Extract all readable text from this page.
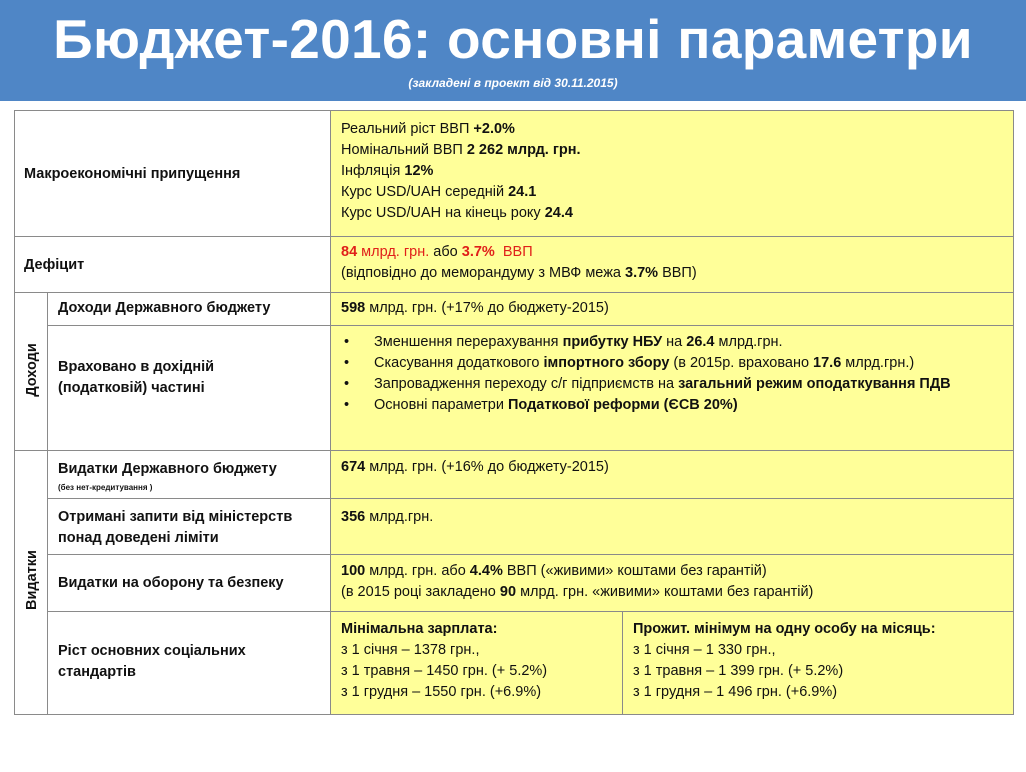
Бюджет-2016: основні параметри
(закладені в проект від 30.11.2015)
Реальний ріст ВВП +2.0%
Номінальний ВВП 2 262 млрд. грн.
Інфляція 12%
Курс USD/UAH середній 24.1
Курс USD/UAH на кінець року 24.4
84 млрд. грн. або 3.7%  ВВП
(відповідно до меморандуму з МВФ межа 3.7% ВВП)
598 млрд. грн. (+17% до бюджету-2015)
• Зменшення перерахування прибутку НБУ на 26.4 млрд.грн.
• Скасування додаткового імпортного збору (в 2015р. враховано 17.6 млрд.грн.)
• Запровадження переходу с/г підприємств на загальний режим оподаткування ПДВ
• Основні параметри Податкової реформи (ЄСВ 20%)
674 млрд. грн. (+16% до бюджету-2015)
356 млрд.грн.
100 млрд. грн. або 4.4% ВВП («живими» коштами без гарантій)
(в 2015 році закладено 90 млрд. грн. «живими» коштами без гарантій)
Мінімальна зарплата:
з 1 січня – 1378 грн.,
з 1 травня – 1450 грн. (+ 5.2%)
з 1 грудня – 1550 грн. (+6.9%)
Прожит. мінімум на одну особу на місяць:
з 1 січня – 1 330 грн.,
з 1 травня – 1 399 грн. (+ 5.2%)
з 1 грудня – 1 496 грн. (+6.9%)
Макроекономічні припущення
Дефіцит
Доходи Державного бюджету
Враховано в дохідній
(податковій) частині
Видатки Державного бюджету
(без нет-кредитування )
Отримані запити від міністерств
понад доведені ліміти
Видатки на оборону та безпеку
Ріст основних соціальних
стандартів
Доходи
Видатки
